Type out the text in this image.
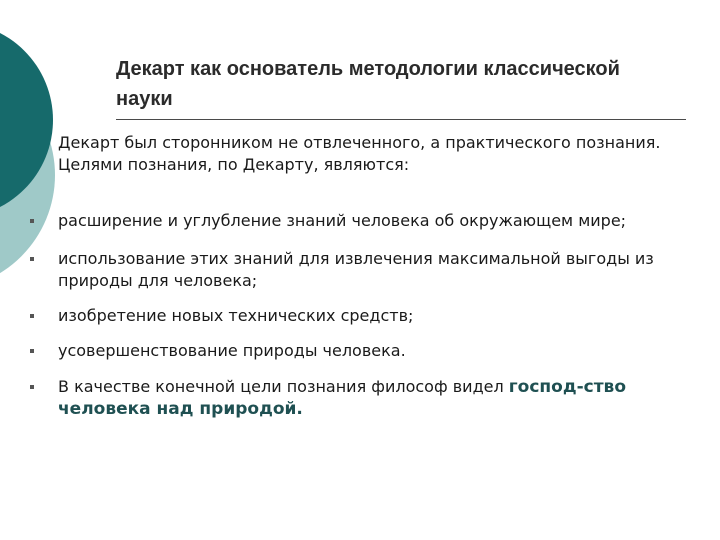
Декарт как основатель методологии классической науки

Декарт был сторонником не отвлеченного, а практического познания. Целями познания, по Декарту, являются:

расширение и углубление знаний человека об окружающем мире;
использование этих знаний для извлечения максимальной выгоды из природы для человека;
изобретение новых технических средств;
усовершенствование природы человека.
В качестве конечной цели познания философ видел господ-ство человека над природой.
